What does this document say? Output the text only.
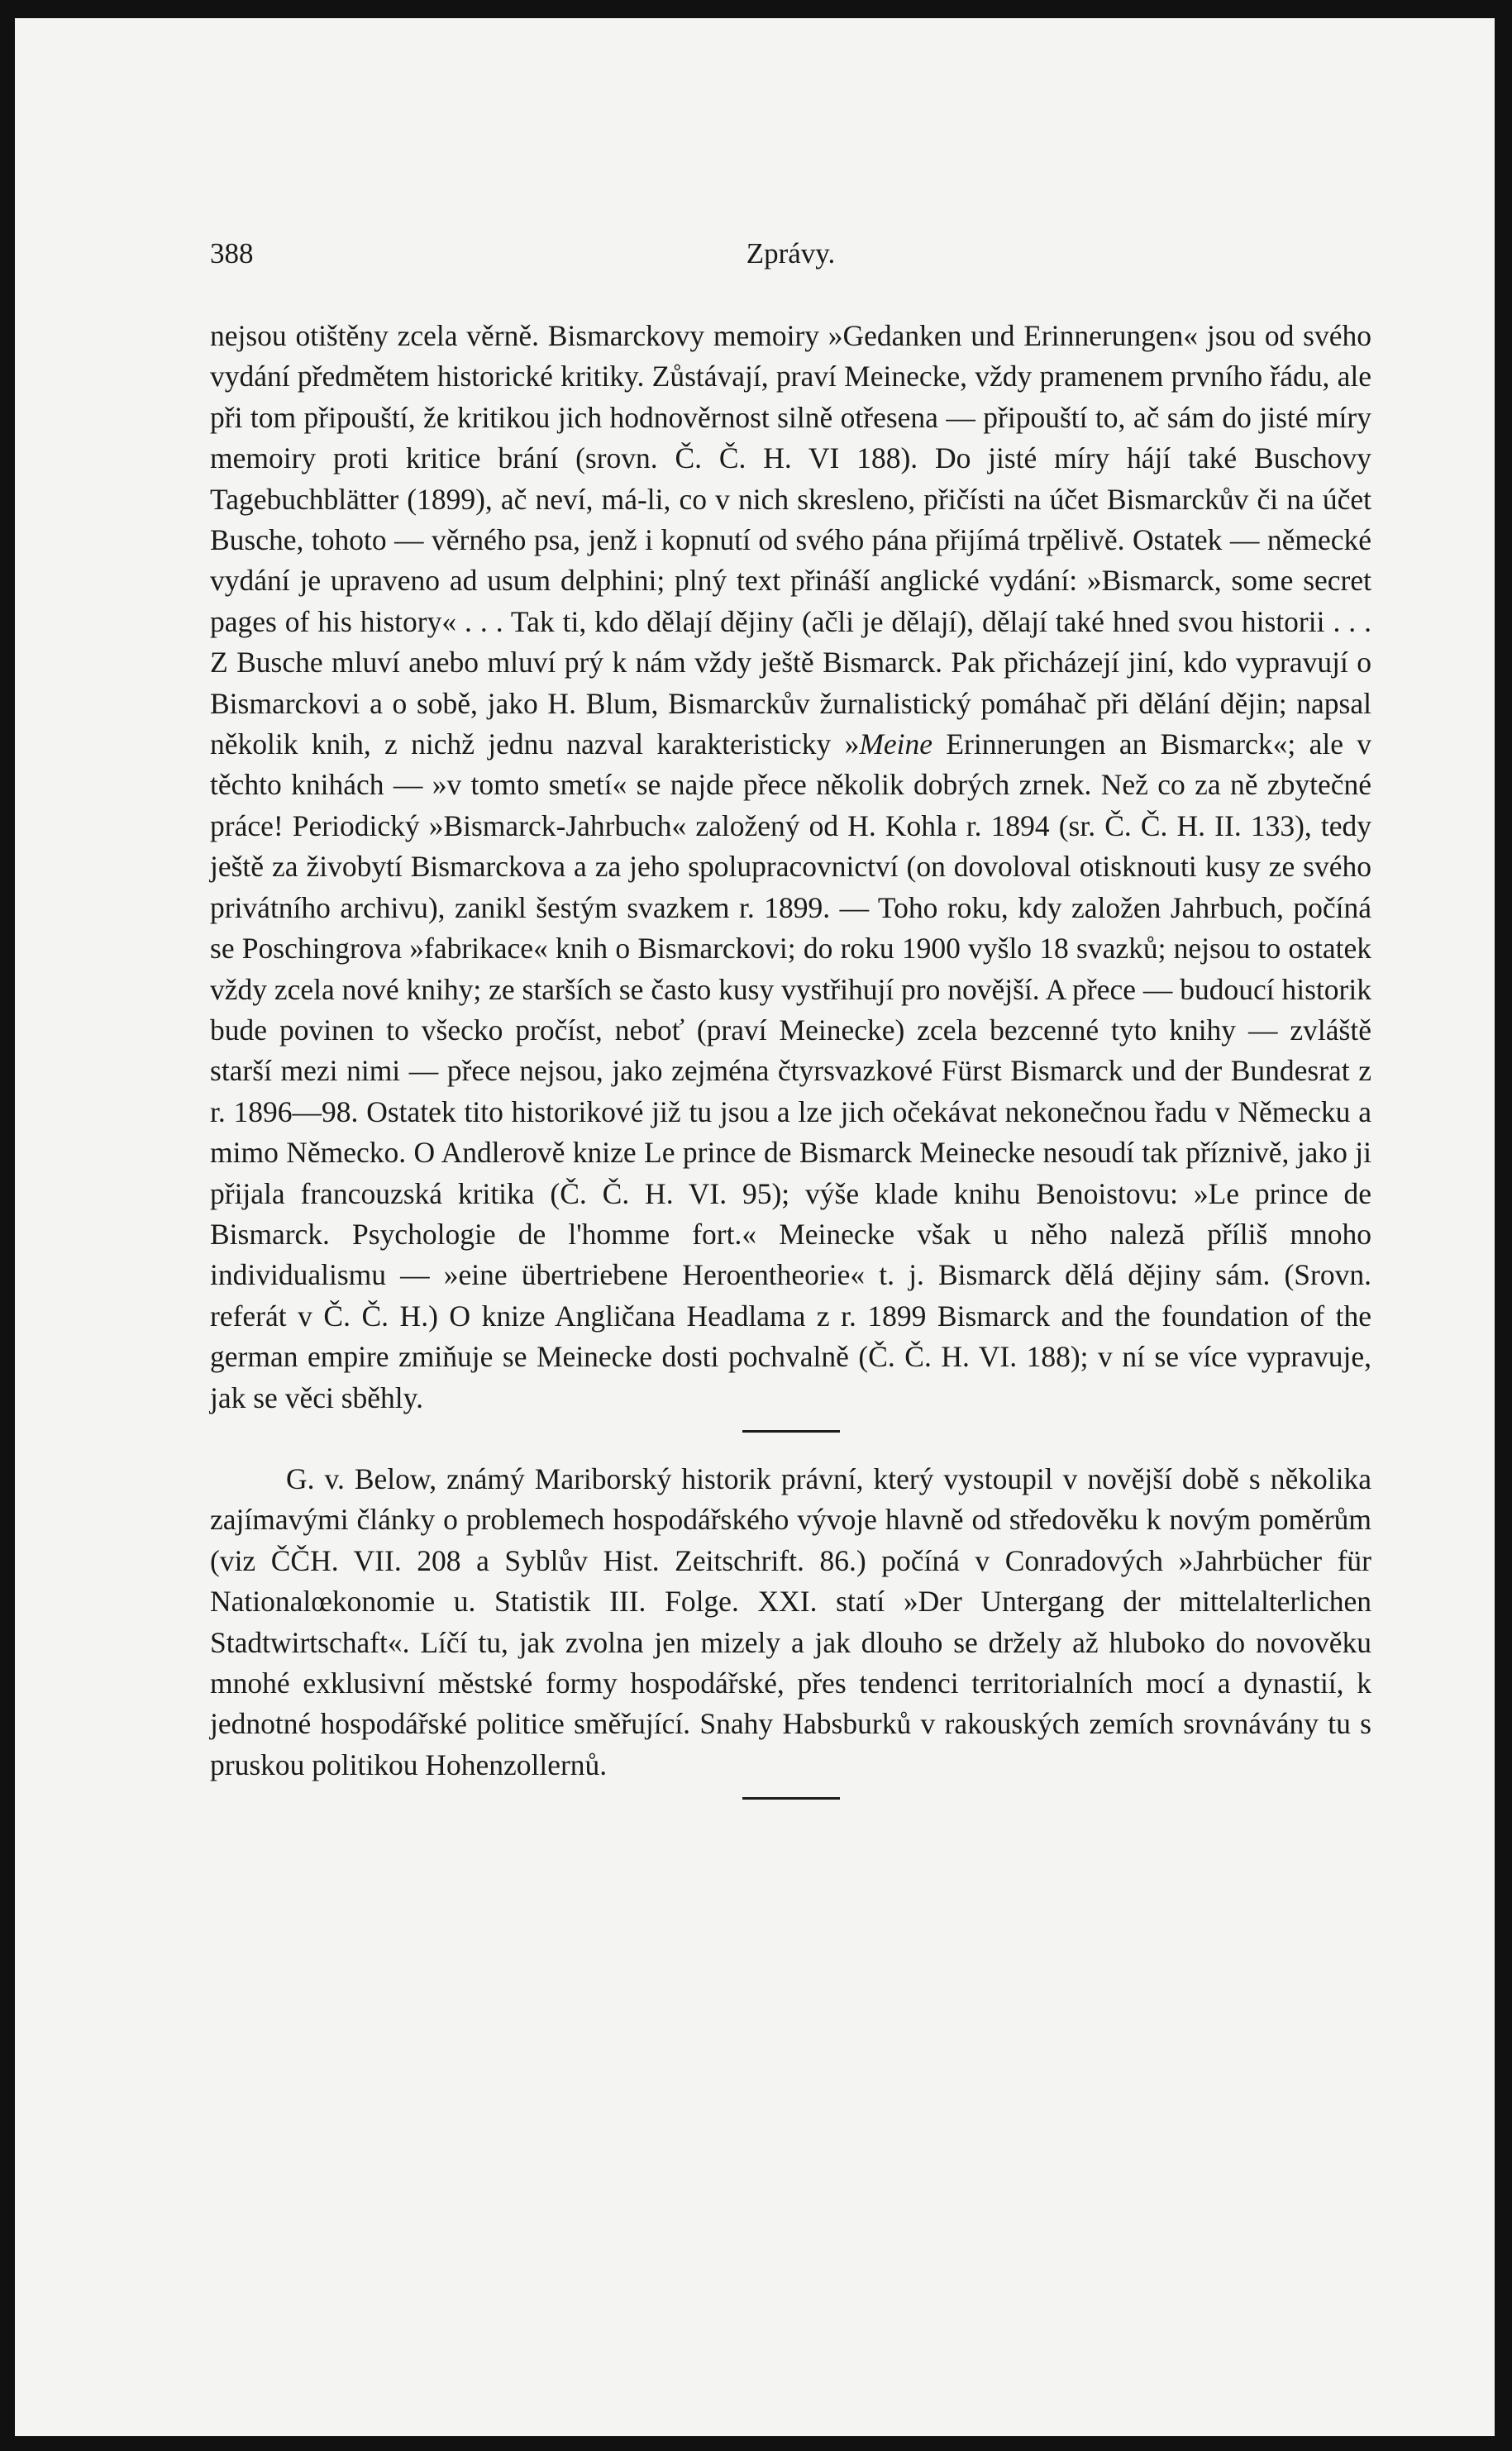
388	Zprávy.

nejsou otištěny zcela věrně. Bismarckovy memoiry »Gedanken und Erinnerungen« jsou od svého vydání předmětem historické kritiky. Zůstávají, praví Meinecke, vždy pramenem prvního řádu, ale při tom připouští, že kritikou jich hodnověrnost silně otřesena — připouští to, ač sám do jisté míry memoiry proti kritice brání (srovn. Č. Č. H. VI 188). Do jisté míry hájí také Buschovy Tagebuchblätter (1899), ač neví, má-li, co v nich skresleno, přičísti na účet Bismarckův či na účet Busche, tohoto — věrného psa, jenž i kopnutí od svého pána přijímá trpělivě. Ostatek — německé vydání je upraveno ad usum delphini; plný text přináší anglické vydání: »Bismarck, some secret pages of his history« . . . Tak ti, kdo dělají dějiny (ačli je dělají), dělají také hned svou historii . . . Z Busche mluví anebo mluví prý k nám vždy ještě Bismarck. Pak přicházejí jiní, kdo vypravují o Bismarckovi a o sobě, jako H. Blum, Bismarckův žurnalistický pomáhač při dělání dějin; napsal několik knih, z nichž jednu nazval karakteristicky »Meine Erinnerungen an Bismarck«; ale v těchto knihách — »v tomto smetí« se najde přece několik dobrých zrnek. Než co za ně zbytečné práce! Periodický »Bismarck-Jahrbuch« založený od H. Kohla r. 1894 (sr. Č. Č. H. II. 133), tedy ještě za živobytí Bismarckova a za jeho spolupracovnictví (on dovoloval otisknouti kusy ze svého privátního archivu), zanikl šestým svazkem r. 1899. — Toho roku, kdy založen Jahrbuch, počíná se Poschingrova »fabrikace« knih o Bismarckovi; do roku 1900 vyšlo 18 svazků; nejsou to ostatek vždy zcela nové knihy; ze starších se často kusy vystřihují pro novější. A přece — budoucí historik bude povinen to všecko pročíst, neboť (praví Meinecke) zcela bezcenné tyto knihy — zvláště starší mezi nimi — přece nejsou, jako zejména čtyrsvazkové Fürst Bismarck und der Bundesrat z r. 1896—98. Ostatek tito historikové již tu jsou a lze jich očekávat nekonečnou řadu v Německu a mimo Německo. O Andlerově knize Le prince de Bismarck Meinecke nesoudí tak příznivě, jako ji přijala francouzská kritika (Č. Č. H. VI. 95); výše klade knihu Benoistovu: »Le prince de Bismarck. Psychologie de l'homme fort.« Meinecke však u něho naleză příliš mnoho individualismu — »eine übertriebene Heroentheorie« t. j. Bismarck dělá dějiny sám. (Srovn. referát v Č. Č. H.) O knize Angličana Headlama z r. 1899 Bismarck and the foundation of the german empire zmiňuje se Meinecke dosti pochvalně (Č. Č. H. VI. 188); v ní se více vypravuje, jak se věci sběhly.

G. v. Below, známý Mariborský historik právní, který vystoupil v novější době s několika zajímavými články o problemech hospodářského vývoje hlavně od středověku k novým poměrům (viz ČČH. VII. 208 a Syblův Hist. Zeitschrift. 86.) počíná v Conradových »Jahrbücher für Nationalœkonomie u. Statistik III. Folge. XXI. statí »Der Untergang der mittelalterlichen Stadtwirtschaft«. Líčí tu, jak zvolna jen mizely a jak dlouho se držely až hluboko do novověku mnohé exklusivní městské formy hospodářské, přes tendenci territorialních mocí a dynastií, k jednotné hospodářské politice směřující. Snahy Habsburků v rakouských zemích srovnávány tu s pruskou politikou Hohenzollernů.
